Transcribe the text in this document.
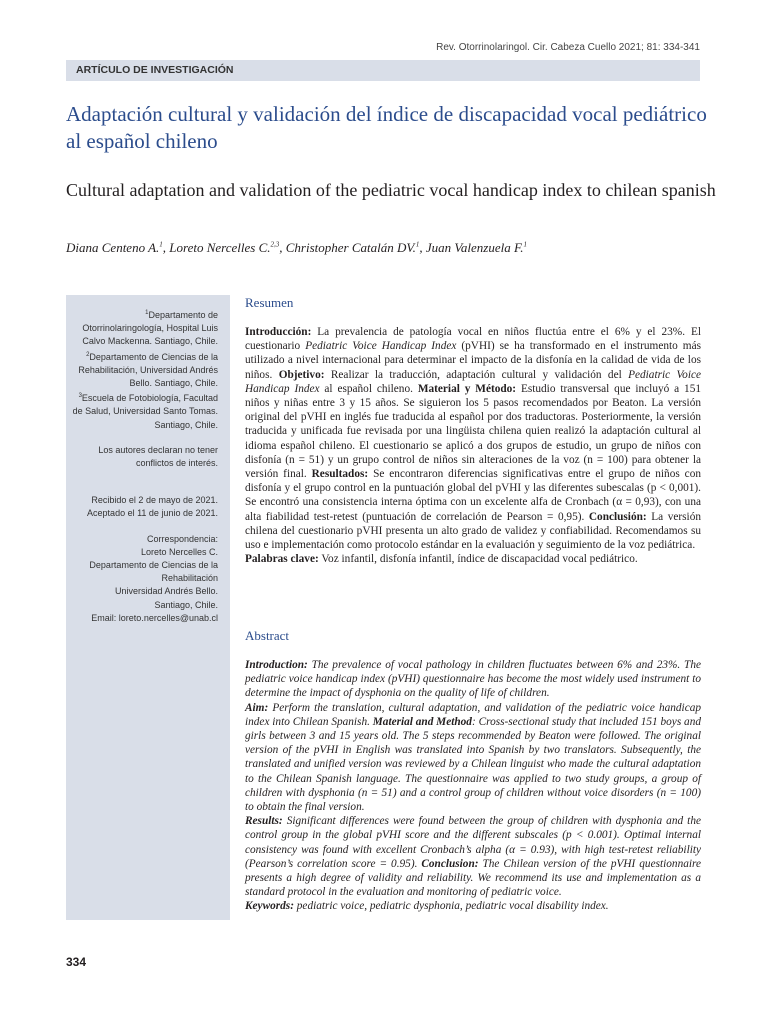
Rev. Otorrinolaringol. Cir. Cabeza Cuello 2021; 81: 334-341
ARTÍCULO DE INVESTIGACIÓN
Adaptación cultural y validación del índice de discapacidad vocal pediátrico al español chileno
Cultural adaptation and validation of the pediatric vocal handicap index to chilean spanish
Diana Centeno A.$^1$, Loreto Nercelles C.$^{2,3}$, Christopher Catalán DV.$^1$, Juan Valenzuela F.$^1$

$^1$Departamento de Otorrinolaringología, Hospital Luis Calvo Mackenna. Santiago, Chile.

$^2$Departamento de Ciencias de la Rehabilitación, Universidad Andrés Bello. Santiago, Chile.

$^3$Escuela de Fotobiología, Facultad de Salud, Universidad Santo Tomas. Santiago, Chile.

Los autores declaran no tener conflictos de interés.

Recibido el 2 de mayo de 2021. Aceptado el 11 de junio de 2021.

Correspondencia:

Loreto Nercelles C.

Departamento de Ciencias de la Rehabilitación

Universidad Andrés Bello.

Santiago, Chile.

Email: loreto.nercelles@unab.cl

Resumen

Introducción: La prevalencia de patología vocal en niños fluctúa entre el 6% y el 23%. El cuestionario Pediatric Voice Handicap Index (pVHI) se ha transformado en el instrumento más utilizado a nivel internacional para determinar el impacto de la disfonía en la calidad de vida de los niños. Objetivo: Realizar la traducción, adaptación cultural y validación del Pediatric Voice Handicap Index al español chileno. Material y Método: Estudio transversal que incluyó a 151 niños y niñas entre 3 y 15 años. Se siguieron los 5 pasos recomendados por Beaton. La versión original del pVHI en inglés fue traducida al español por dos traductoras. Posteriormente, la versión traducida y unificada fue revisada por una lingüista chilena quien realizó la adaptación cultural al idioma español chileno. El cuestionario se aplicó a dos grupos de estudio, un grupo de niños con disfonía (n = 51) y un grupo control de niños sin alteraciones de la voz (n = 100) para obtener la versión final. Resultados: Se encontraron diferencias significativas entre el grupo de niños con disfonía y el grupo control en la puntuación global del pVHI y las diferentes subescalas (p < 0,001). Se encontró una consistencia interna óptima con un excelente alfa de Cronbach (α = 0,93), con una alta fiabilidad test-retest (puntuación de correlación de Pearson = 0,95). Conclusión: La versión chilena del cuestionario pVHI presenta un alto grado de validez y confiabilidad. Recomendamos su uso e implementación como protocolo estándar en la evaluación y seguimiento de la voz pediátrica.
Palabras clave: Voz infantil, disfonía infantil, índice de discapacidad vocal pediátrico.

Abstract

Introduction: The prevalence of vocal pathology in children fluctuates between 6% and 23%. The pediatric voice handicap index (pVHI) questionnaire has become the most widely used instrument to determine the impact of dysphonia on the quality of life of children.
Aim: Perform the translation, cultural adaptation, and validation of the pediatric voice handicap index into Chilean Spanish. Material and Method: Cross-sectional study that included 151 boys and girls between 3 and 15 years old. The 5 steps recommended by Beaton were followed. The original version of the pVHI in English was translated into Spanish by two translators. Subsequently, the translated and unified version was reviewed by a Chilean linguist who made the cultural adaptation to the Chilean Spanish language. The questionnaire was applied to two study groups, a group of children with dysphonia (n = 51) and a control group of children without voice disorders (n = 100) to obtain the final version.
Results: Significant differences were found between the group of children with dysphonia and the control group in the global pVHI score and the different subscales (p < 0.001). Optimal internal consistency was found with excellent Cronbach’s alpha (α = 0.93), with high test-retest reliability (Pearson’s correlation score = 0.95). Conclusion: The Chilean version of the pVHI questionnaire presents a high degree of validity and reliability. We recommend its use and implementation as a standard protocol in the evaluation and monitoring of pediatric voice.
Keywords: pediatric voice, pediatric dysphonia, pediatric vocal disability index.

334
